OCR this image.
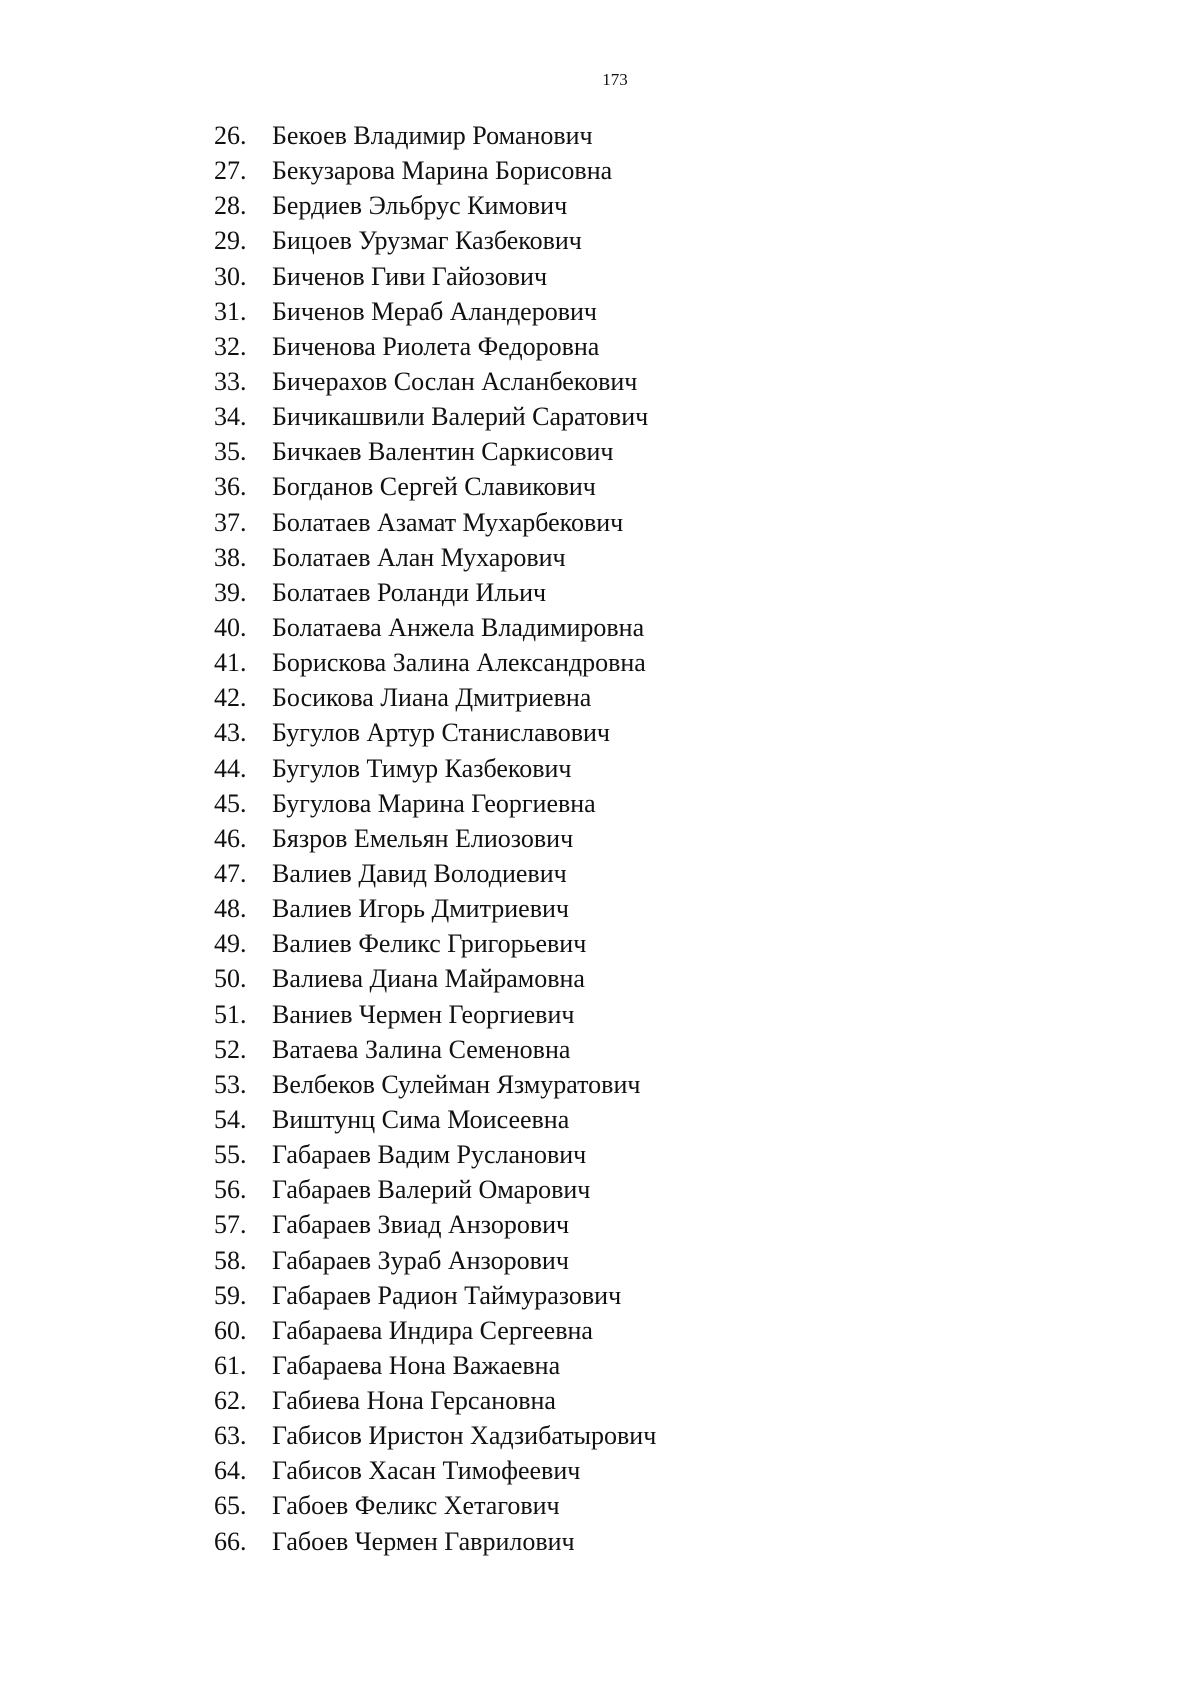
173
26. Бекоев Владимир Романович
27. Бекузарова Марина Борисовна
28. Бердиев Эльбрус Кимович
29. Бицоев Урузмаг Казбекович
30. Биченов Гиви Гайозович
31. Биченов Мераб Аландерович
32. Биченова Риолета Федоровна
33. Бичерахов Сослан Асланбекович
34. Бичикашвили Валерий Саратович
35. Бичкаев Валентин Саркисович
36. Богданов Сергей Славикович
37. Болатаев Азамат Мухарбекович
38. Болатаев Алан Мухарович
39. Болатаев Роланди Ильич
40. Болатаева Анжела Владимировна
41. Борискова Залина Александровна
42. Босикова Лиана Дмитриевна
43. Бугулов Артур Станиславович
44. Бугулов Тимур Казбекович
45. Бугулова Марина Георгиевна
46. Бязров Емельян Елиозович
47. Валиев Давид Володиевич
48. Валиев Игорь Дмитриевич
49. Валиев Феликс Григорьевич
50. Валиева Диана Майрамовна
51. Ваниев Чермен Георгиевич
52. Ватаева Залина Семеновна
53. Велбеков Сулейман Язмуратович
54. Виштунц Сима Моисеевна
55. Габараев Вадим Русланович
56. Габараев Валерий Омарович
57. Габараев Звиад Анзорович
58. Габараев Зураб Анзорович
59. Габараев Радион Таймуразович
60. Габараева Индира Сергеевна
61. Габараева Нона Важаевна
62. Габиева Нона Герсановна
63. Габисов Иристон Хадзибатырович
64. Габисов Хасан Тимофеевич
65. Габоев Феликс Хетагович
66. Габоев Чермен Гаврилович
